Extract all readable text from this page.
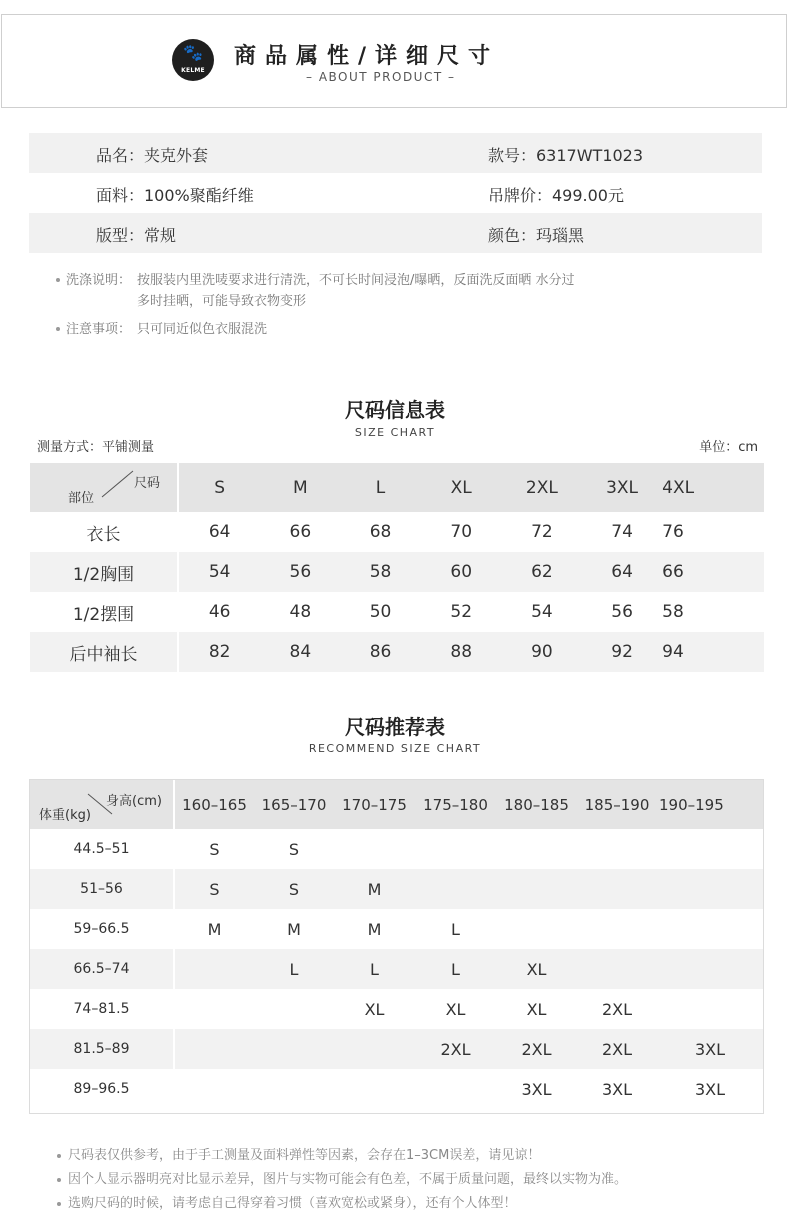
🐾
KELME
商品属性/详细尺寸
– ABOUT PRODUCT –
品名：夹克外套	款号：6317WT1023
面料：100%聚酯纤维	吊牌价：499.00元
版型：常规	颜色：玛瑙黑
洗涤说明： 按服装内里洗唛要求进行清洗，不可长时间浸泡/曝晒，反面洗反面晒 水分过多时挂晒，可能导致衣物变形
注意事项： 只可同近似色衣服混洗
尺码信息表
SIZE CHART
测量方式：平铺测量	单位：cm
尺码
部位	S	M	L	XL	2XL	3XL	4XL
衣长	64	66	68	70	72	74	76
1/2胸围	54	56	58	60	62	64	66
1/2摆围	46	48	50	52	54	56	58
后中袖长	82	84	86	88	90	92	94
尺码推荐表
RECOMMEND SIZE CHART
身高(cm)
体重(kg)	160–165	165–170	170–175	175–180	180–185	185–190	190–195
44.5–51	S	S					
51–56	S	S	M				
59–66.5	M	M	M	L			
66.5–74		L	L	L	XL		
74–81.5			XL	XL	XL	2XL	
81.5–89				2XL	2XL	2XL	3XL
89–96.5					3XL	3XL	3XL
尺码表仅供参考，由于手工测量及面料弹性等因素，会存在1–3CM误差，请见谅！
因个人显示器明亮对比显示差异，图片与实物可能会有色差，不属于质量问题，最终以实物为准。
选购尺码的时候，请考虑自己得穿着习惯（喜欢宽松或紧身），还有个人体型！
